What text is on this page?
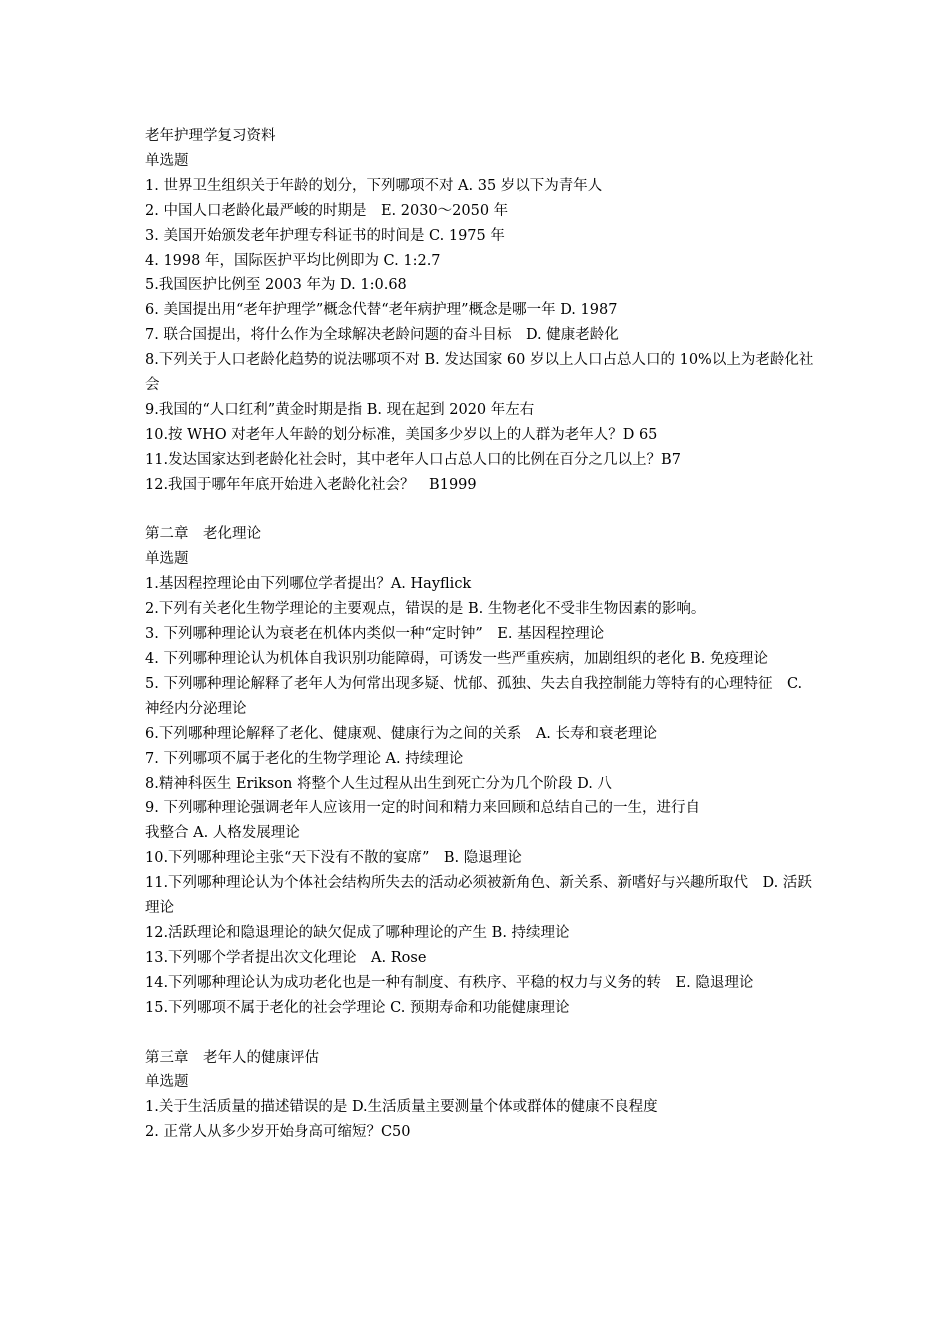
老年护理学复习资料
单选题
1. 世界卫生组织关于年龄的划分，下列哪项不对 A. 35 岁以下为青年人
2. 中国人口老龄化最严峻的时期是　E. 2030～2050 年
3. 美国开始颁发老年护理专科证书的时间是 C. 1975 年
4. 1998 年，国际医护平均比例即为 C. 1:2.7
5.我国医护比例至 2003 年为 D. 1:0.68
6. 美国提出用“老年护理学”概念代替“老年病护理”概念是哪一年 D. 1987
7. 联合国提出，将什么作为全球解决老龄问题的奋斗目标　D. 健康老龄化
8.下列关于人口老龄化趋势的说法哪项不对 B. 发达国家 60 岁以上人口占总人口的 10%以上为老龄化社会
9.我国的“人口红利”黄金时期是指 B. 现在起到 2020 年左右
10.按 WHO 对老年人年龄的划分标准，美国多少岁以上的人群为老年人？D 65
11.发达国家达到老龄化社会时，其中老年人口占总人口的比例在百分之几以上？B7
12.我国于哪年年底开始进入老龄化社会？　B1999
第二章　老化理论
单选题
1.基因程控理论由下列哪位学者提出？A. Hayflick
2.下列有关老化生物学理论的主要观点，错误的是 B. 生物老化不受非生物因素的影响。
3. 下列哪种理论认为衰老在机体内类似一种“定时钟”　E. 基因程控理论
4. 下列哪种理论认为机体自我识别功能障碍，可诱发一些严重疾病，加剧组织的老化 B. 免疫理论
5. 下列哪种理论解释了老年人为何常出现多疑、忧郁、孤独、失去自我控制能力等特有的心理特征　C. 神经内分泌理论
6.下列哪种理论解释了老化、健康观、健康行为之间的关系　A. 长寿和衰老理论
7. 下列哪项不属于老化的生物学理论 A. 持续理论
8.精神科医生 Erikson 将整个人生过程从出生到死亡分为几个阶段 D. 八
9. 下列哪种理论强调老年人应该用一定的时间和精力来回顾和总结自己的一生，进行自
我整合 A. 人格发展理论
10.下列哪种理论主张“天下没有不散的宴席”　B. 隐退理论
11.下列哪种理论认为个体社会结构所失去的活动必须被新角色、新关系、新嗜好与兴趣所取代　D. 活跃理论
12.活跃理论和隐退理论的缺欠促成了哪种理论的产生 B. 持续理论
13.下列哪个学者提出次文化理论　A. Rose
14.下列哪种理论认为成功老化也是一种有制度、有秩序、平稳的权力与义务的转　E. 隐退理论
15.下列哪项不属于老化的社会学理论 C. 预期寿命和功能健康理论
第三章　老年人的健康评估
单选题
1.关于生活质量的描述错误的是 D.生活质量主要测量个体或群体的健康不良程度
2. 正常人从多少岁开始身高可缩短？C50
